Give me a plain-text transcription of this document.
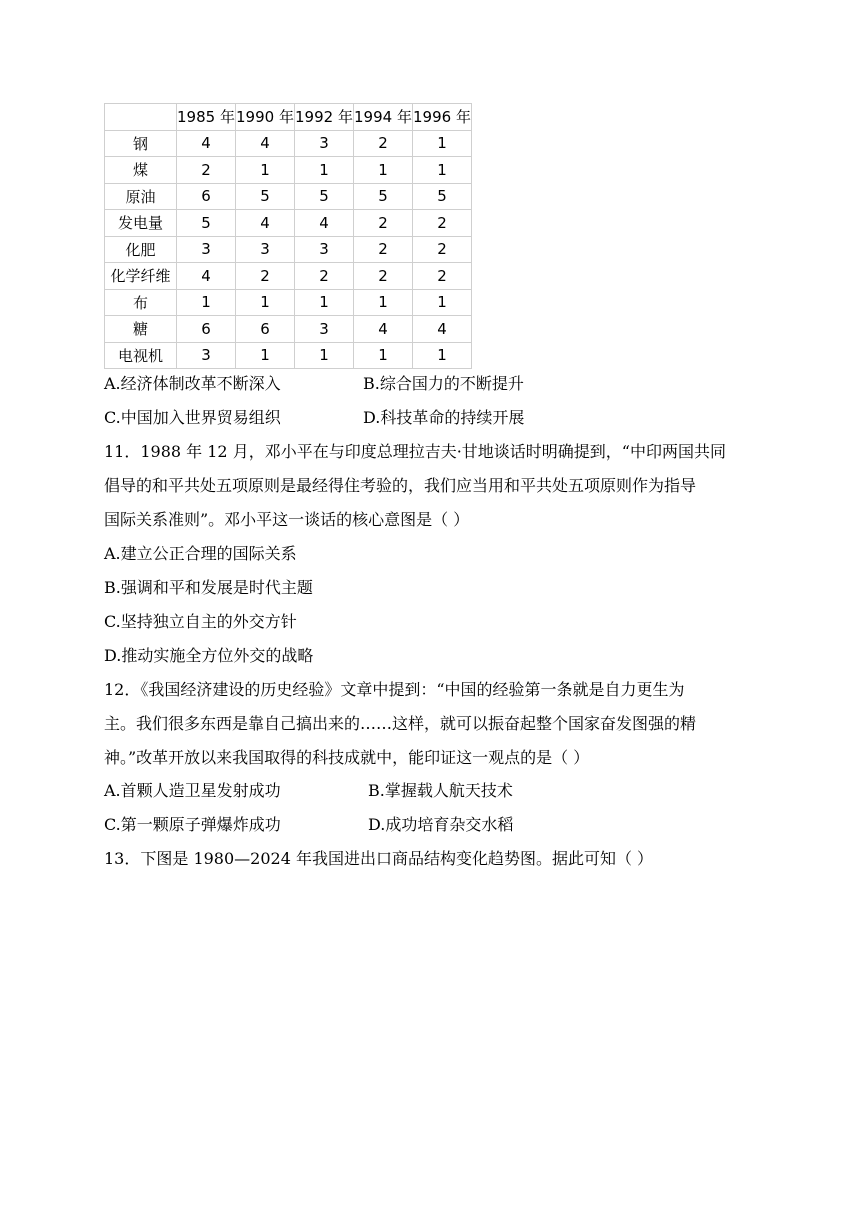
	1985 年	1990 年	1992 年	1994 年	1996 年
钢	4	4	3	2	1
煤	2	1	1	1	1
原油	6	5	5	5	5
发电量	5	4	4	2	2
化肥	3	3	3	2	2
化学纤维	4	2	2	2	2
布	1	1	1	1	1
糖	6	6	3	4	4
电视机	3	1	1	1	1
A.经济体制改革不断深入	B.综合国力的不断提升
C.中国加入世界贸易组织	D.科技革命的持续开展
11．1988 年 12 月，邓小平在与印度总理拉吉夫·甘地谈话时明确提到，“中印两国共同
倡导的和平共处五项原则是最经得住考验的，我们应当用和平共处五项原则作为指导
国际关系准则”。邓小平这一谈话的核心意图是（ ）
A.建立公正合理的国际关系
B.强调和平和发展是时代主题
C.坚持独立自主的外交方针
D.推动实施全方位外交的战略
12．《我国经济建设的历史经验》文章中提到：“中国的经验第一条就是自力更生为
主。我们很多东西是靠自己搞出来的……这样，就可以振奋起整个国家奋发图强的精
神。”改革开放以来我国取得的科技成就中，能印证这一观点的是（ ）
A.首颗人造卫星发射成功	B.掌握载人航天技术
C.第一颗原子弹爆炸成功	D.成功培育杂交水稻
13．下图是 1980—2024 年我国进出口商品结构变化趋势图。据此可知（ ）
